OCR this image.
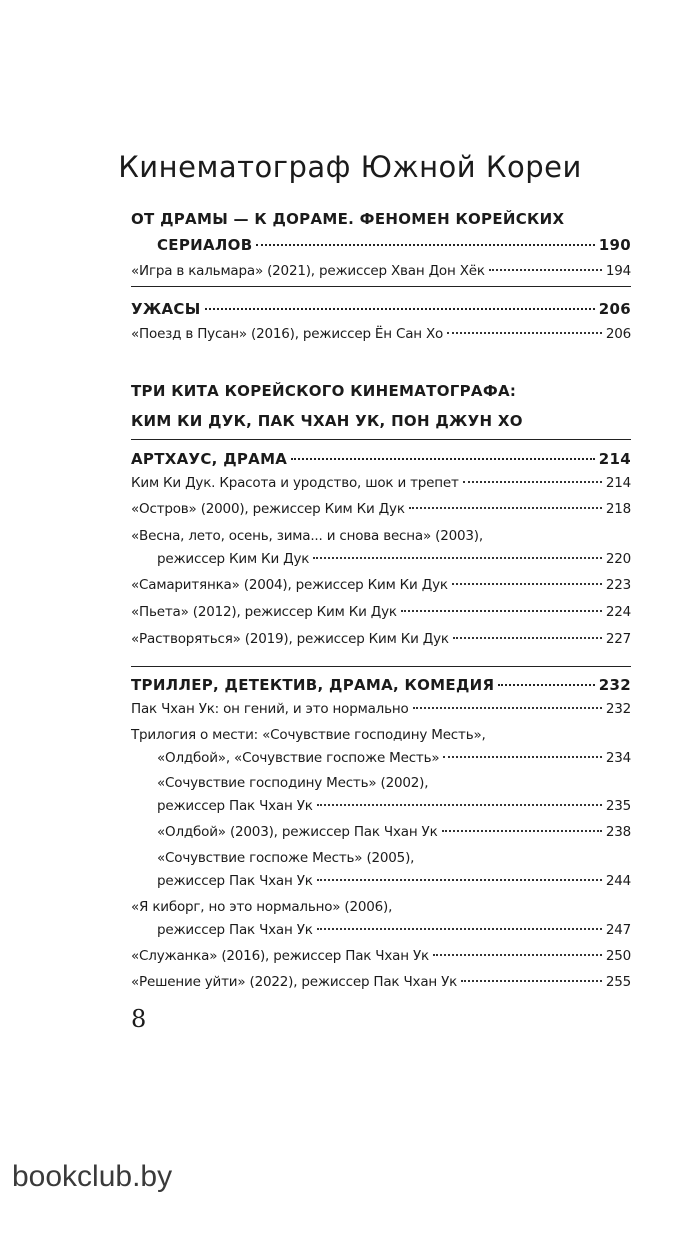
Кинематограф Южной Кореи
ОТ ДРАМЫ — К ДОРАМЕ. ФЕНОМЕН КОРЕЙСКИХ
СЕРИАЛОВ	190
«Игра в кальмара» (2021), режиссер Хван Дон Хёк	194
УЖАСЫ	206
«Поезд в Пусан» (2016), режиссер Ён Сан Хо	206
ТРИ КИТА КОРЕЙСКОГО КИНЕМАТОГРАФА:
КИМ КИ ДУК, ПАК ЧХАН УК, ПОН ДЖУН ХО
АРТХАУС, ДРАМА	214
Ким Ки Дук. Красота и уродство, шок и трепет	214
«Остров» (2000), режиссер Ким Ки Дук	218
«Весна, лето, осень, зима... и снова весна» (2003),
режиссер Ким Ки Дук	220
«Самаритянка» (2004), режиссер Ким Ки Дук	223
«Пьета» (2012), режиссер Ким Ки Дук	224
«Растворяться» (2019), режиссер Ким Ки Дук	227
ТРИЛЛЕР, ДЕТЕКТИВ, ДРАМА, КОМЕДИЯ	232
Пак Чхан Ук: он гений, и это нормально	232
Трилогия о мести: «Сочувствие господину Месть»,
«Олдбой», «Сочувствие госпоже Месть»	234
«Сочувствие господину Месть» (2002),
режиссер Пак Чхан Ук	235
«Олдбой» (2003), режиссер Пак Чхан Ук	238
«Сочувствие госпоже Месть» (2005),
режиссер Пак Чхан Ук	244
«Я киборг, но это нормально» (2006),
режиссер Пак Чхан Ук	247
«Служанка» (2016), режиссер Пак Чхан Ук	250
«Решение уйти» (2022), режиссер Пак Чхан Ук	255
8
bookclub.by
